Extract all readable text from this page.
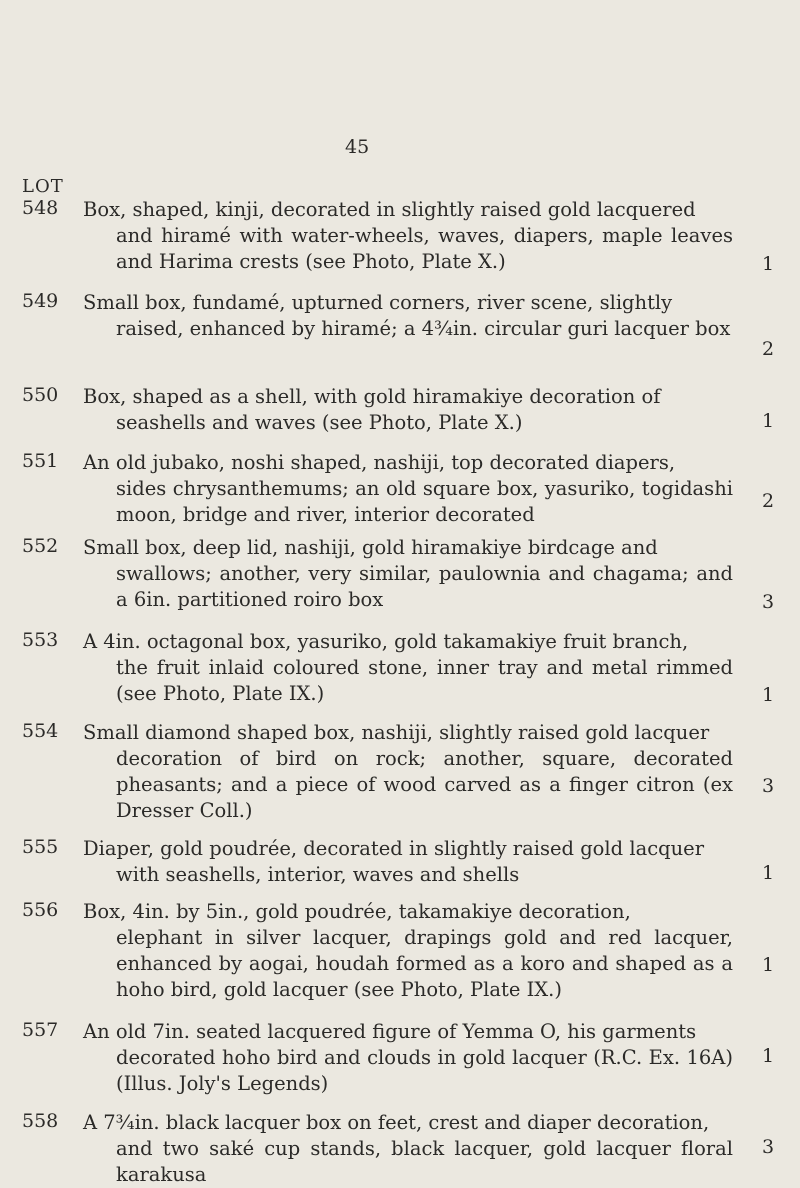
45
LOT
548 Box, shaped, kinji, decorated in slightly raised gold lacquered
and hiramé with water-wheels, waves, diapers, maple leaves and Harima crests (see Photo, Plate X.)	1
549 Small box, fundamé, upturned corners, river scene, slightly
raised, enhanced by hiramé; a 4¾in. circular guri lacquer box
2
550 Box, shaped as a shell, with gold hiramakiye decoration of
seashells and waves (see Photo, Plate X.)	1
551 An old jubako, noshi shaped, nashiji, top decorated diapers,
sides chrysanthemums; an old square box, yasuriko, togidashi moon, bridge and river, interior decorated
2
552 Small box, deep lid, nashiji, gold hiramakiye birdcage and
swallows; another, very similar, paulownia and chagama; and a 6in. partitioned roiro box	3
553 A 4in. octagonal box, yasuriko, gold takamakiye fruit branch,
the fruit inlaid coloured stone, inner tray and metal rimmed (see Photo, Plate IX.)	1
554 Small diamond shaped box, nashiji, slightly raised gold lacquer
decoration of bird on rock; another, square, decorated pheasants; and a piece of wood carved as a finger citron (ex Dresser Coll.)
3
555 Diaper, gold poudrée, decorated in slightly raised gold lacquer
with seashells, interior, waves and shells	1
556 Box, 4in. by 5in., gold poudrée, takamakiye decoration,
elephant in silver lacquer, drapings gold and red lacquer, enhanced by aogai, houdah formed as a koro and shaped as a hoho bird, gold lacquer (see Photo, Plate IX.)
1
557 An old 7in. seated lacquered figure of Yemma O, his garments
decorated hoho bird and clouds in gold lacquer (R.C. Ex. 16A) (Illus. Joly's Legends)
1
558 A 7¾in. black lacquer box on feet, crest and diaper decoration,
and two saké cup stands, black lacquer, gold lacquer floral karakusa
3
